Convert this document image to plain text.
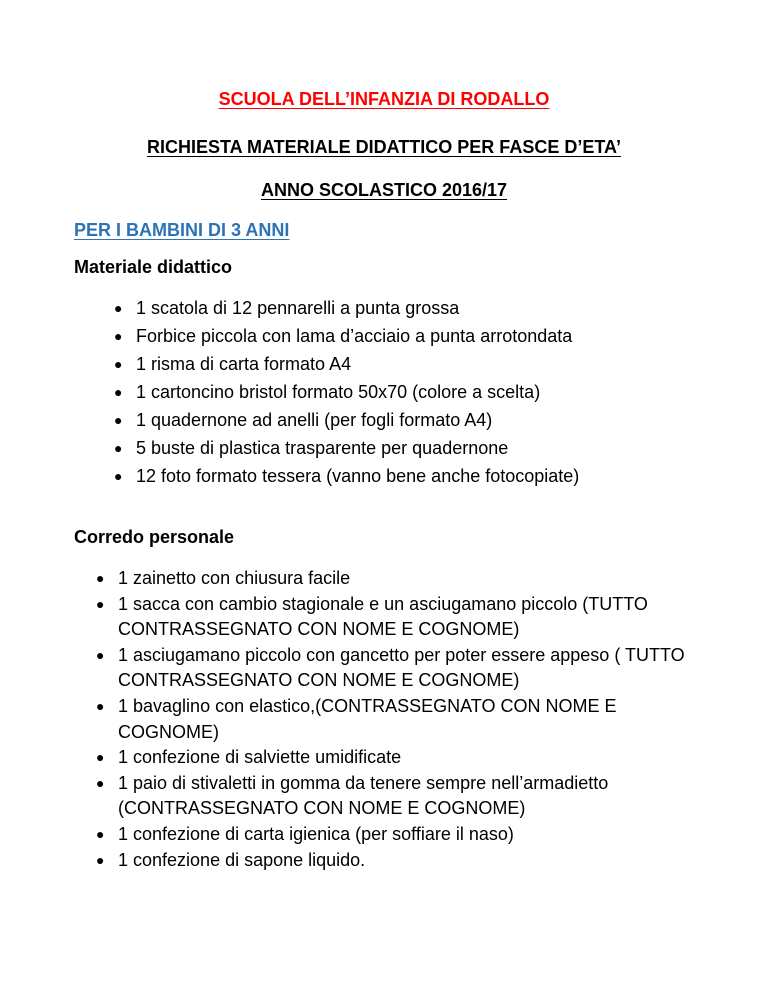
SCUOLA DELL’INFANZIA DI RODALLO
RICHIESTA MATERIALE DIDATTICO PER FASCE D’ETA’
ANNO SCOLASTICO 2016/17
PER I BAMBINI DI 3 ANNI
Materiale didattico
● 1 scatola di 12 pennarelli a punta grossa
● Forbice piccola con lama d’acciaio a punta arrotondata
● 1 risma di carta formato A4
● 1 cartoncino bristol formato 50x70 (colore a scelta)
● 1 quadernone ad anelli (per fogli formato A4)
● 5 buste di plastica trasparente per quadernone
● 12 foto formato tessera (vanno bene anche fotocopiate)
Corredo personale
● 1 zainetto con chiusura facile
● 1 sacca con cambio stagionale e un asciugamano piccolo (TUTTO CONTRASSEGNATO CON NOME E COGNOME)
● 1 asciugamano piccolo con gancetto per poter essere appeso ( TUTTO CONTRASSEGNATO CON NOME E COGNOME)
● 1 bavaglino con elastico,(CONTRASSEGNATO CON NOME E COGNOME)
● 1 confezione di salviette umidificate
● 1 paio di stivaletti in gomma da tenere sempre nell’armadietto (CONTRASSEGNATO CON NOME E COGNOME)
● 1 confezione di carta igienica (per soffiare il naso)
● 1 confezione di sapone liquido.
